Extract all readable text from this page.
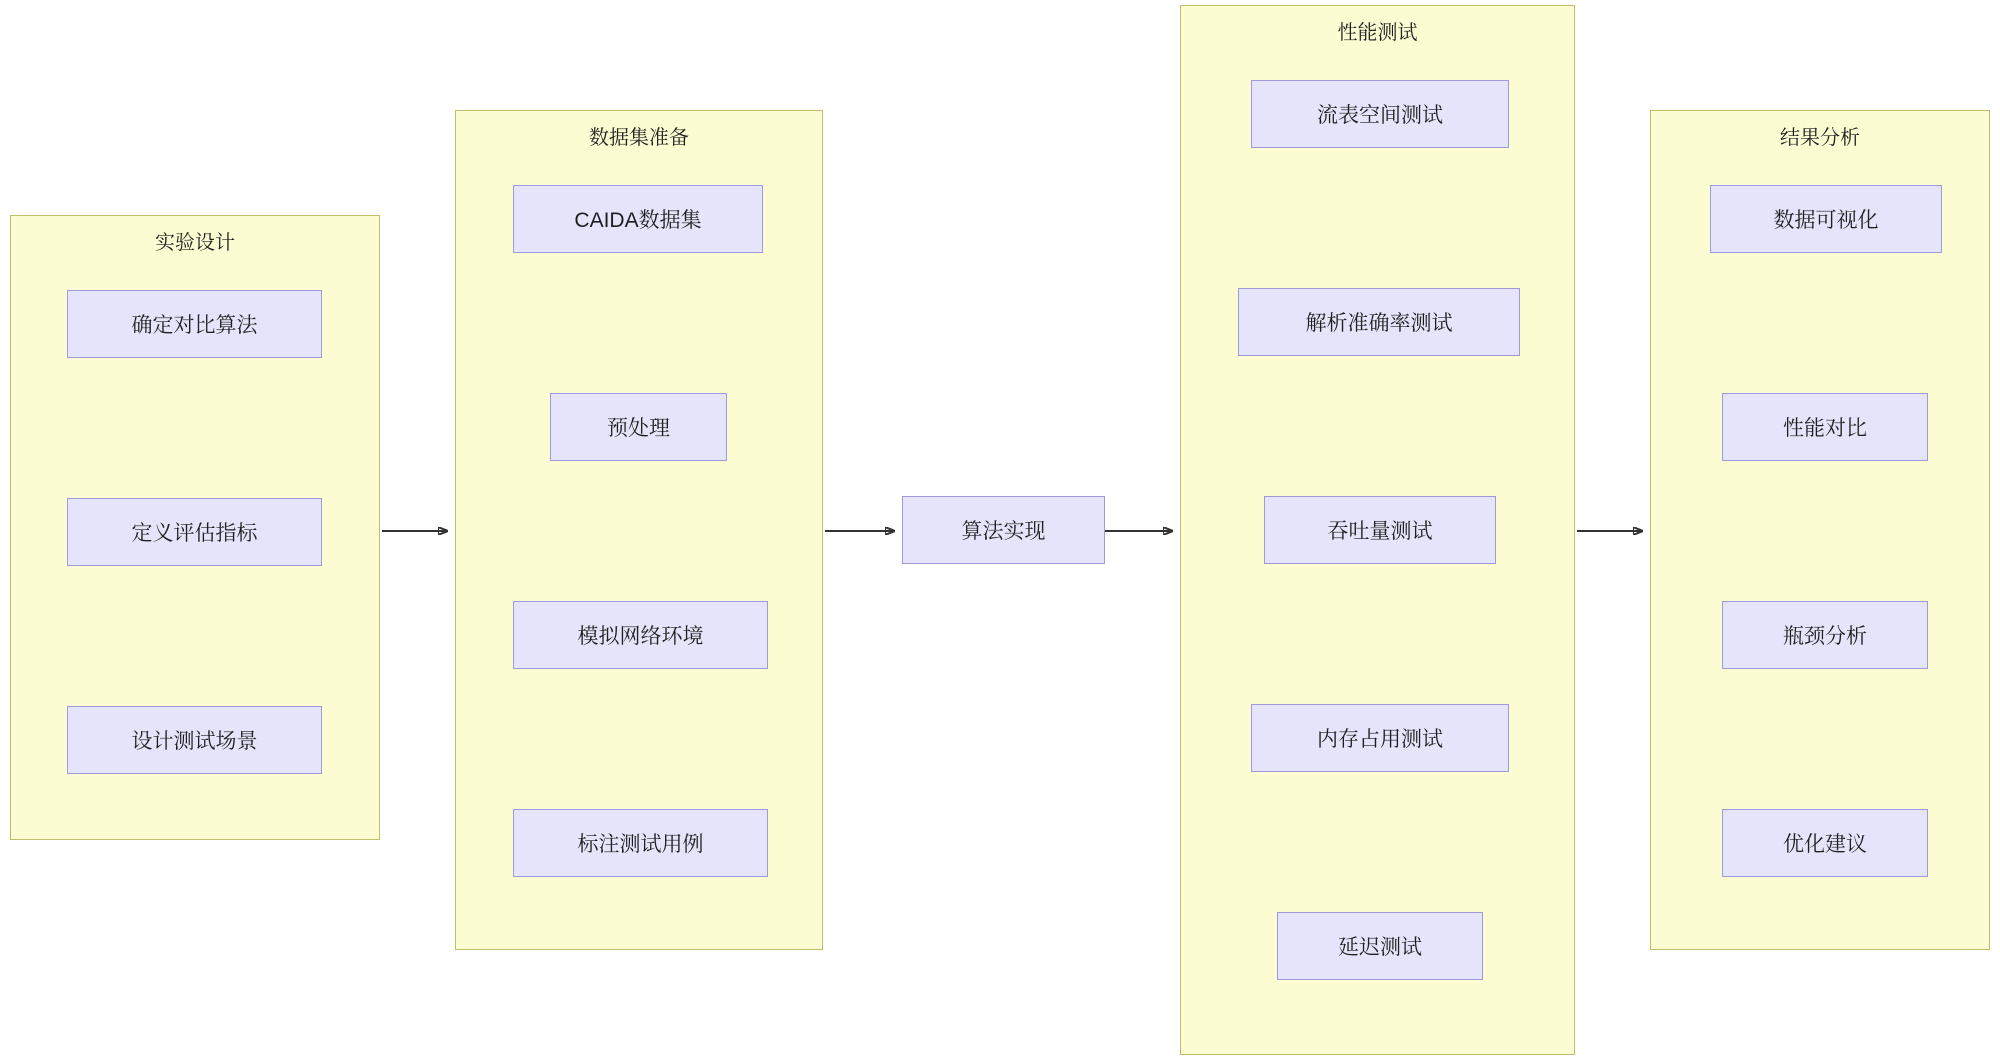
实验设计
确定对比算法
定义评估指标
设计测试场景
数据集准备
CAIDA数据集
预处理
模拟网络环境
标注测试用例
算法实现
性能测试
流表空间测试
解析准确率测试
吞吐量测试
内存占用测试
延迟测试
结果分析
数据可视化
性能对比
瓶颈分析
优化建议
